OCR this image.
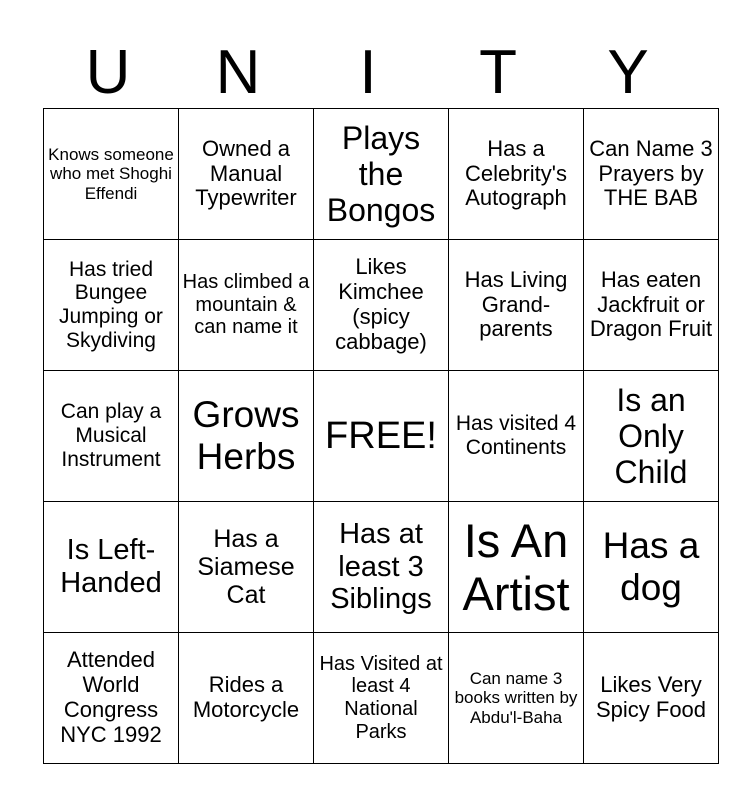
U	N	I	T	Y
Knows someone who met Shoghi Effendi	Owned a Manual Typewriter	Plays the Bongos	Has a Celebrity's Autograph	Can Name 3 Prayers by THE BAB
Has tried Bungee Jumping or Skydiving	Has climbed a mountain & can name it	Likes Kimchee (spicy cabbage)	Has Living Grand-parents	Has eaten Jackfruit or Dragon Fruit
Can play a Musical Instrument	Grows Herbs	FREE!	Has visited 4 Continents	Is an Only Child
Is Left-Handed	Has a Siamese Cat	Has at least 3 Siblings	Is An Artist	Has a dog
Attended World Congress NYC 1992	Rides a Motorcycle	Has Visited at least 4 National Parks	Can name 3 books written by Abdu'l-Baha	Likes Very Spicy Food
